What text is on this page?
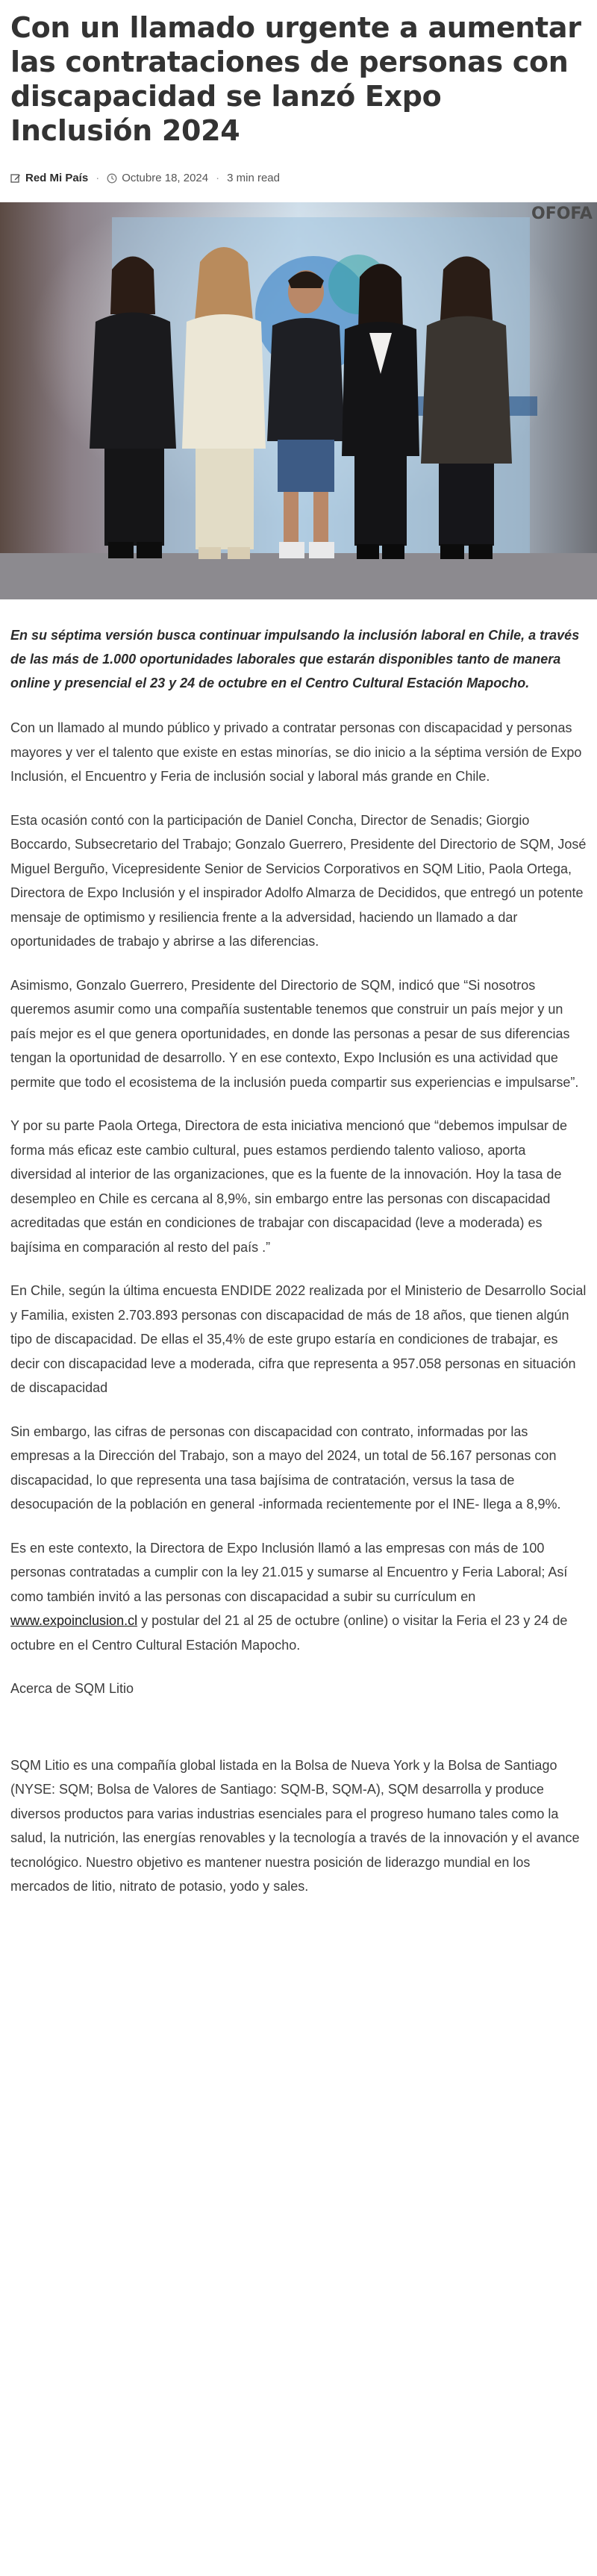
Con un llamado urgente a aumentar las contrataciones de personas con discapacidad se lanzó Expo Inclusión 2024
Red Mi País · Octubre 18, 2024 · 3 min read
OFOFA

En su séptima versión busca continuar impulsando la inclusión laboral en Chile, a través de las más de 1.000 oportunidades laborales que estarán disponibles tanto de manera online y presencial el 23 y 24 de octubre en el Centro Cultural Estación Mapocho.

Con un llamado al mundo público y privado a contratar personas con discapacidad y personas mayores y ver el talento que existe en estas minorías, se dio inicio a la séptima versión de Expo Inclusión, el Encuentro y Feria de inclusión social y laboral más grande en Chile.

Esta ocasión contó con la participación de Daniel Concha, Director de Senadis; Giorgio Boccardo, Subsecretario del Trabajo; Gonzalo Guerrero, Presidente del Directorio de SQM, José Miguel Berguño, Vicepresidente Senior de Servicios Corporativos en SQM Litio, Paola Ortega, Directora de Expo Inclusión y el inspirador Adolfo Almarza de Decididos, que entregó un potente mensaje de optimismo y resiliencia frente a la adversidad, haciendo un llamado a dar oportunidades de trabajo y abrirse a las diferencias.

Asimismo, Gonzalo Guerrero, Presidente del Directorio de SQM, indicó que “Si nosotros queremos asumir como una compañía sustentable tenemos que construir un país mejor y un país mejor es el que genera oportunidades, en donde las personas a pesar de sus diferencias tengan la oportunidad de desarrollo. Y en ese contexto, Expo Inclusión es una actividad que permite que todo el ecosistema de la inclusión pueda compartir sus experiencias e impulsarse”.

Y por su parte Paola Ortega, Directora de esta iniciativa mencionó que “debemos impulsar de forma más eficaz este cambio cultural, pues estamos perdiendo talento valioso, aporta diversidad al interior de las organizaciones, que es la fuente de la innovación. Hoy la tasa de desempleo en Chile es cercana al 8,9%, sin embargo entre las personas con discapacidad acreditadas que están en condiciones de trabajar con discapacidad (leve a moderada) es bajísima en comparación al resto del país .”

En Chile, según la última encuesta ENDIDE 2022 realizada por el Ministerio de Desarrollo Social y Familia, existen 2.703.893 personas con discapacidad de más de 18 años, que tienen algún tipo de discapacidad. De ellas el 35,4% de este grupo estaría en condiciones de trabajar, es decir con discapacidad leve a moderada, cifra que representa a 957.058 personas en situación de discapacidad

Sin embargo, las cifras de personas con discapacidad con contrato, informadas por las empresas a la Dirección del Trabajo, son a mayo del 2024, un total de 56.167 personas con discapacidad, lo que representa una tasa bajísima de contratación, versus la tasa de desocupación de la población en general -informada recientemente por el INE- llega a 8,9%.

Es en este contexto, la Directora de Expo Inclusión llamó a las empresas con más de 100 personas contratadas a cumplir con la ley 21.015 y sumarse al Encuentro y Feria Laboral; Así como también invitó a las personas con discapacidad a subir su currículum en www.expoinclusion.cl y postular del 21 al 25 de octubre (online) o visitar la Feria el 23 y 24 de octubre en el Centro Cultural Estación Mapocho.

Acerca de SQM Litio

SQM Litio es una compañía global listada en la Bolsa de Nueva York y la Bolsa de Santiago (NYSE: SQM; Bolsa de Valores de Santiago: SQM-B, SQM-A), SQM desarrolla y produce diversos productos para varias industrias esenciales para el progreso humano tales como la salud, la nutrición, las energías renovables y la tecnología a través de la innovación y el avance tecnológico. Nuestro objetivo es mantener nuestra posición de liderazgo mundial en los mercados de litio, nitrato de potasio, yodo y sales.
